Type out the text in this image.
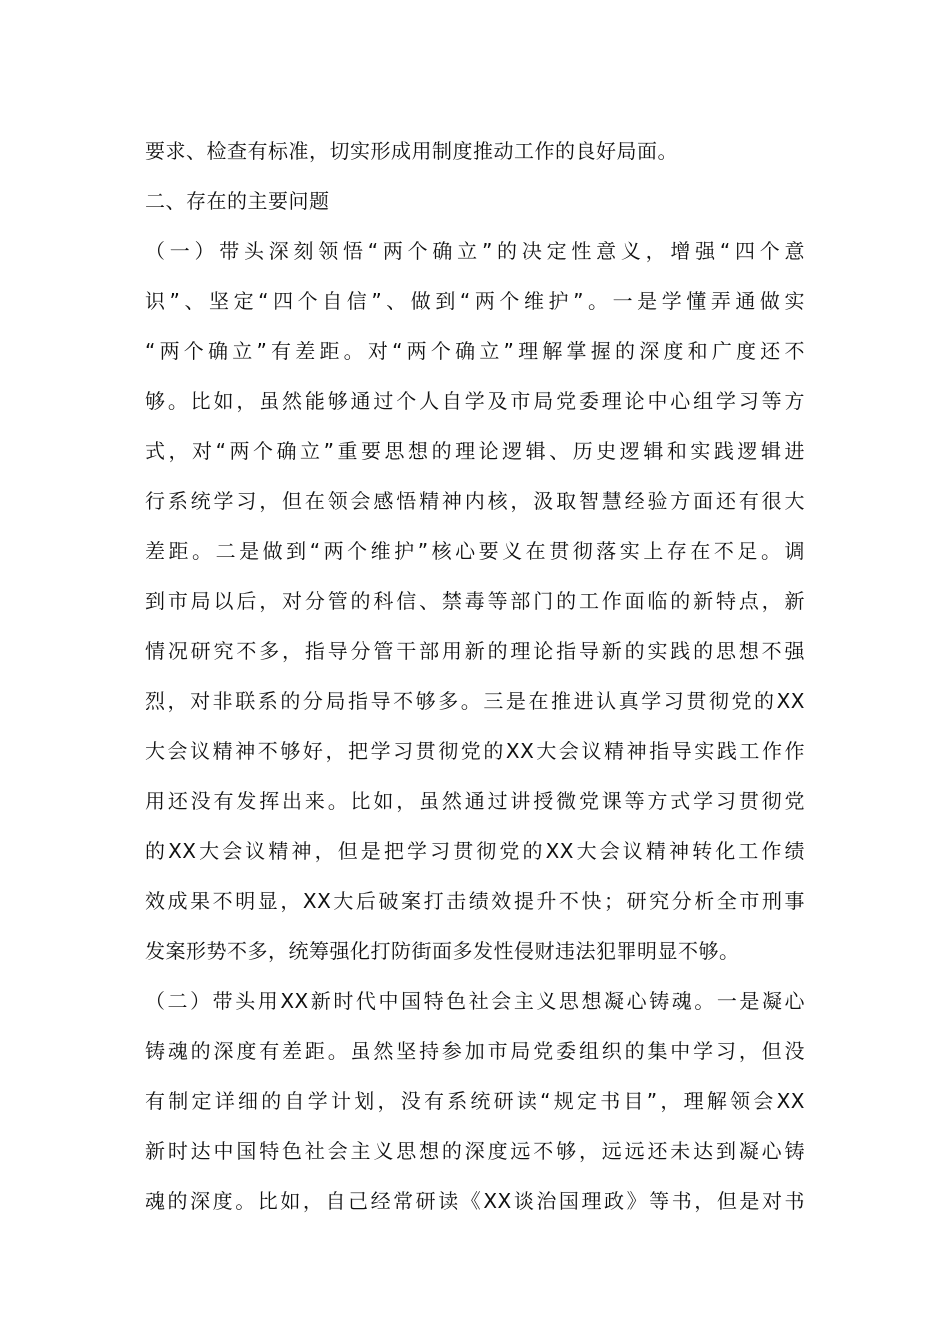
要求、检查有标准，切实形成用制度推动工作的良好局面。
二、存在的主要问题
（一）带头深刻领悟“两个确立”的决定性意义，增强“四个意
识”、坚定“四个自信”、做到“两个维护”。一是学懂弄通做实
“两个确立”有差距。对“两个确立”理解掌握的深度和广度还不
够。比如，虽然能够通过个人自学及市局党委理论中心组学习等方
式，对“两个确立”重要思想的理论逻辑、历史逻辑和实践逻辑进
行系统学习，但在领会感悟精神内核，汲取智慧经验方面还有很大
差距。二是做到“两个维护”核心要义在贯彻落实上存在不足。调
到市局以后，对分管的科信、禁毒等部门的工作面临的新特点，新
情况研究不多，指导分管干部用新的理论指导新的实践的思想不强
烈，对非联系的分局指导不够多。三是在推进认真学习贯彻党的XX
大会议精神不够好，把学习贯彻党的XX大会议精神指导实践工作作
用还没有发挥出来。比如，虽然通过讲授微党课等方式学习贯彻党
的XX大会议精神，但是把学习贯彻党的XX大会议精神转化工作绩
效成果不明显，XX大后破案打击绩效提升不快；研究分析全市刑事
发案形势不多，统筹强化打防街面多发性侵财违法犯罪明显不够。
（二）带头用XX新时代中国特色社会主义思想凝心铸魂。一是凝心
铸魂的深度有差距。虽然坚持参加市局党委组织的集中学习，但没
有制定详细的自学计划，没有系统研读“规定书目”，理解领会XX
新时达中国特色社会主义思想的深度远不够，远远还未达到凝心铸
魂的深度。比如，自己经常研读《XX谈治国理政》等书，但是对书
